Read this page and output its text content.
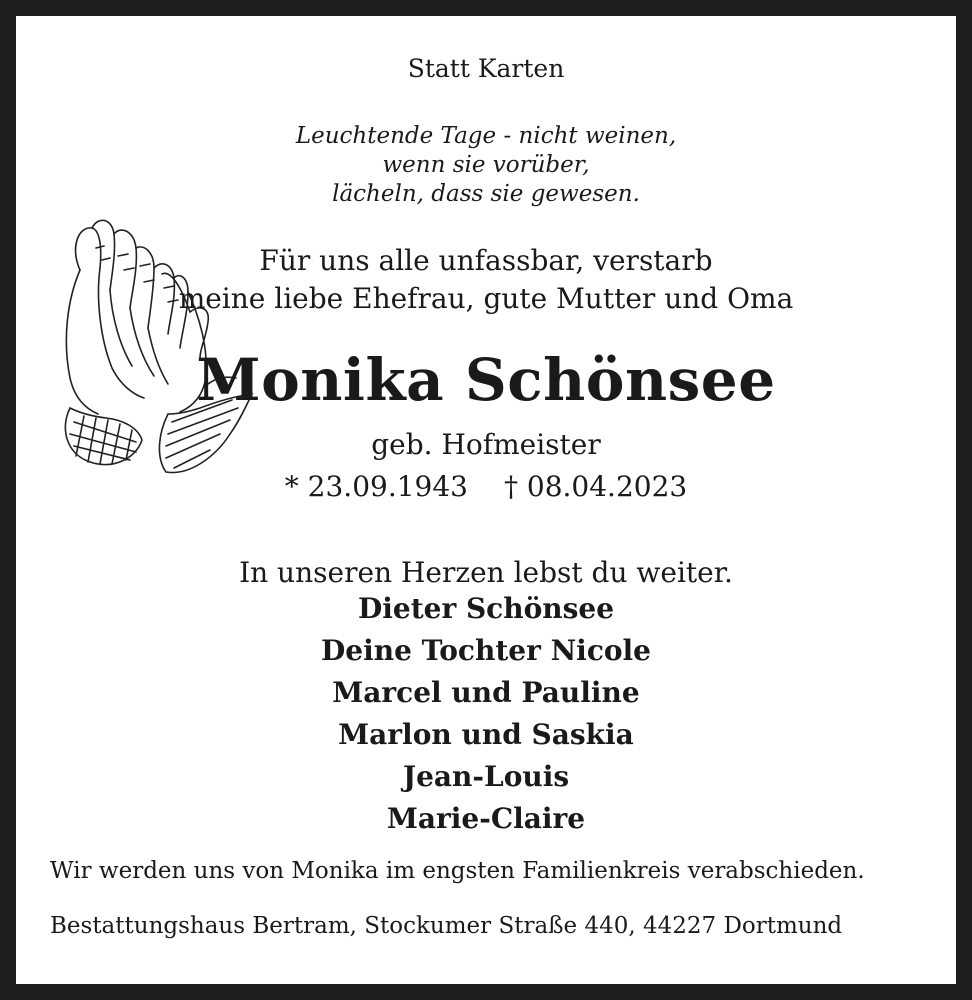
Statt Karten
Leuchtende Tage - nicht weinen,
wenn sie vorüber,
lächeln, dass sie gewesen.
Für uns alle unfassbar, verstarb
meine liebe Ehefrau, gute Mutter und Oma
Monika Schönsee
geb. Hofmeister
* 23.09.1943 † 08.04.2023
In unseren Herzen lebst du weiter.
Dieter Schönsee
Deine Tochter Nicole
Marcel und Pauline
Marlon und Saskia
Jean-Louis
Marie-Claire
Wir werden uns von Monika im engsten Familienkreis verabschieden.
Bestattungshaus Bertram, Stockumer Straße 440, 44227 Dortmund
